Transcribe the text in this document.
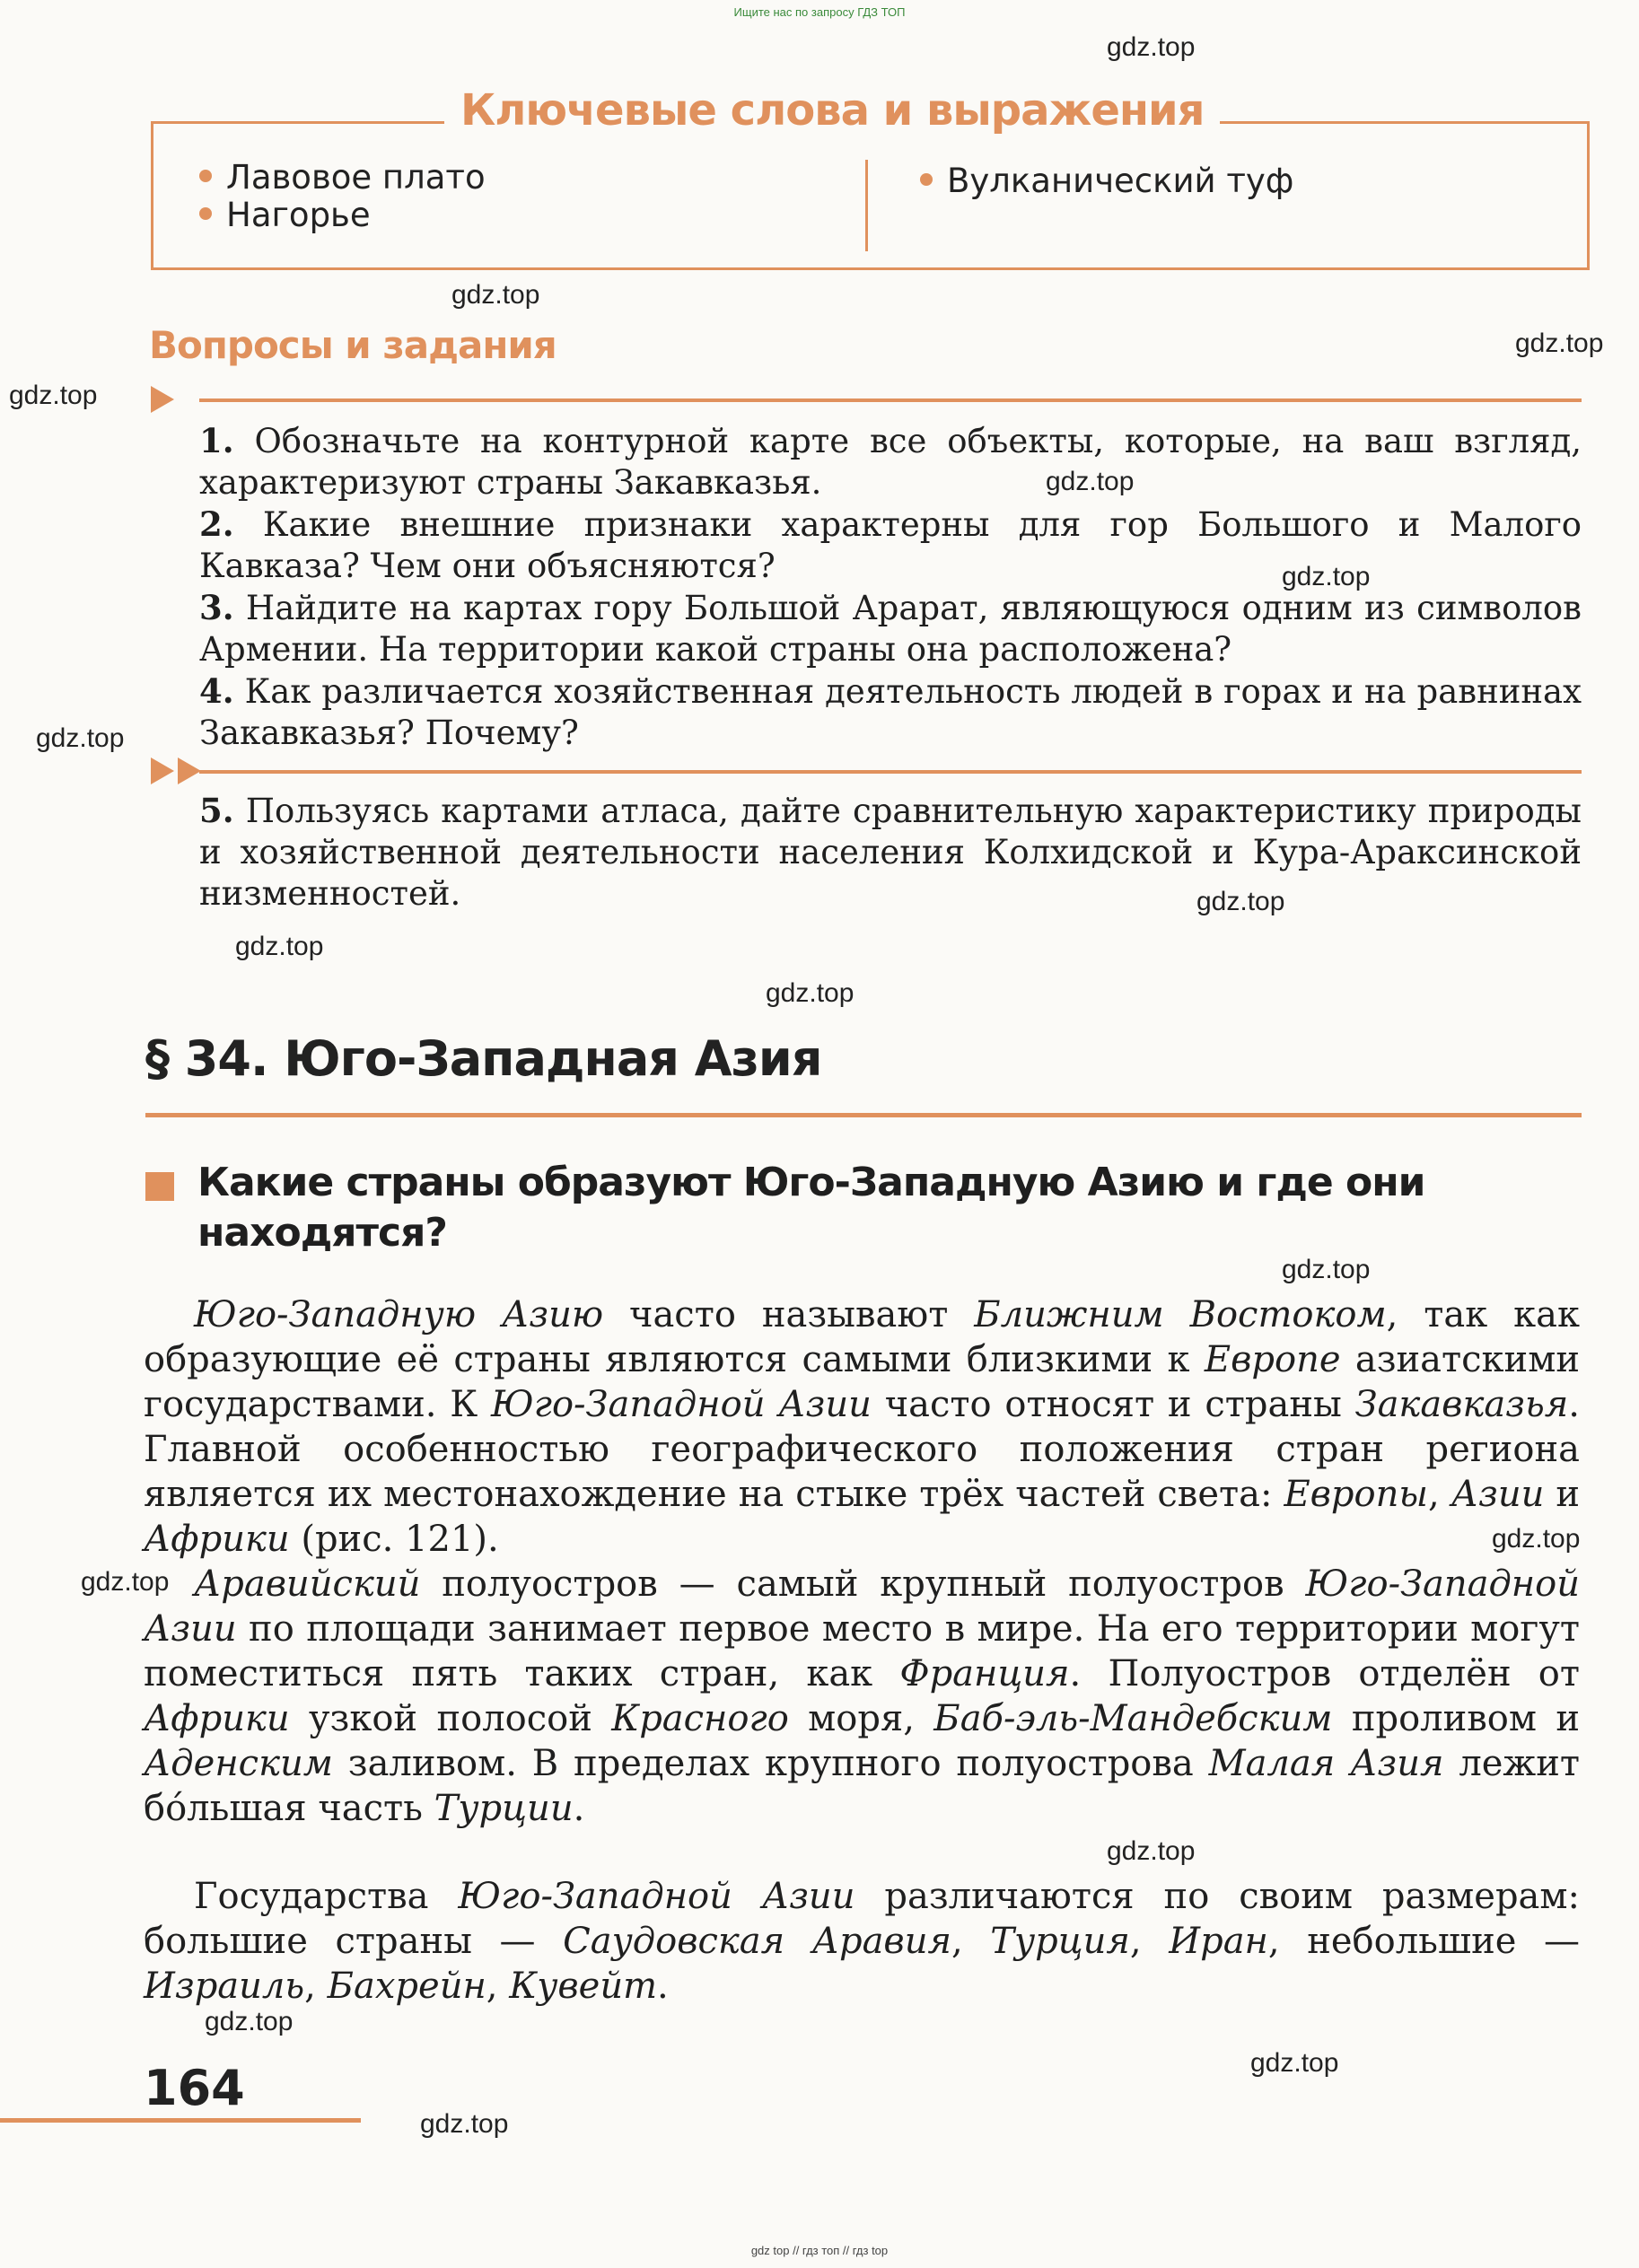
Ищите нас по запросу ГДЗ ТОП
gdz.top
gdz.top
gdz.top
gdz.top
gdz.top
gdz.top
gdz.top
gdz.top
gdz.top
gdz.top
gdz.top
gdz.top
gdz.top
gdz.top
gdz.top
gdz.top
gdz.top
Ключевые слова и выражения
Лавовое плато
Нагорье
Вулканический туф
Вопросы и задания
1. Обозначьте на контурной карте все объекты, которые, на ваш взгляд, характеризуют страны Закавказья.
2. Какие внешние признаки характерны для гор Большого и Малого Кавказа? Чем они объясняются?
3. Найдите на картах гору Большой Арарат, являющуюся одним из символов Армении. На территории какой страны она расположена?
4. Как различается хозяйственная деятельность людей в горах и на равнинах Закавказья? Почему?
5. Пользуясь картами атласа, дайте сравнительную характеристику природы и хозяйственной деятельности населения Колхидской и Кура-Араксинской низменностей.
§ 34. Юго-Западная Азия
Какие страны образуют Юго-Западную Азию и где они находятся?
Юго-Западную Азию часто называют Ближним Востоком, так как образующие её страны являются самыми близкими к Европе азиатскими государствами. К Юго-Западной Азии часто относят и страны Закавказья. Главной особенностью географического положения стран региона является их местонахождение на стыке трёх частей света: Европы, Азии и Африки (рис. 121).
Аравийский полуостров — самый крупный полуостров Юго-Западной Азии по площади занимает первое место в мире. На его территории могут поместиться пять таких стран, как Франция. Полуостров отделён от Африки узкой полосой Красного моря, Баб-эль-Мандебским проливом и Аденским заливом. В пределах крупного полуострова Малая Азия лежит бóльшая часть Турции.
Государства Юго-Западной Азии различаются по своим размерам: большие страны — Саудовская Аравия, Турция, Иран, небольшие — Израиль, Бахрейн, Кувейт.
164
gdz top // гдз топ // гдз top
